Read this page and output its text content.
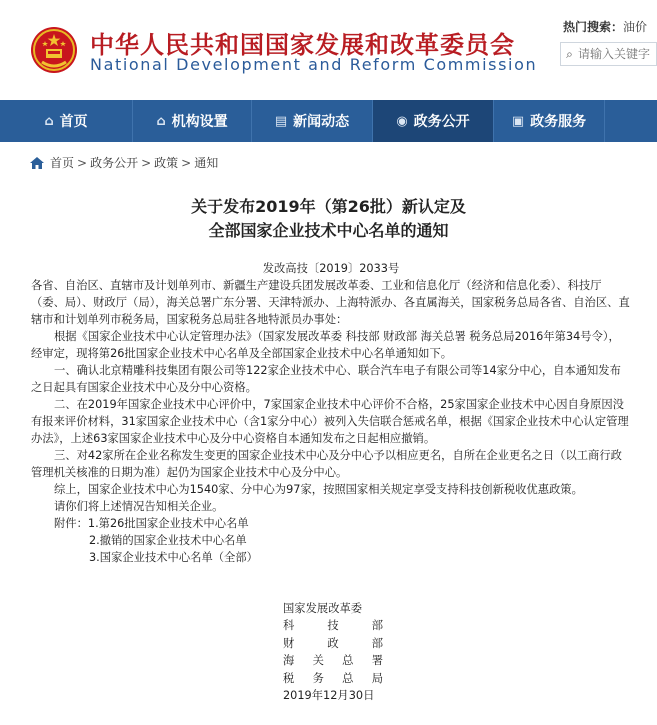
中华人民共和国国家发展和改革委员会
National Development and Reform Commission
热门搜索：油价
⌕
请输入关键字
⌂ 首页	⌂ 机构设置	▤ 新闻动态	◉ 政务公开	▣ 政务服务
首页 > 政务公开 > 政策 > 通知
关于发布2019年（第26批）新认定及
全部国家企业技术中心名单的通知

发改高技〔2019〕2033号

各省、自治区、直辖市及计划单列市、新疆生产建设兵团发展改革委、工业和信息化厅（经济和信息化委）、科技厅（委、局）、财政厅（局），海关总署广东分署、天津特派办、上海特派办、各直属海关，国家税务总局各省、自治区、直辖市和计划单列市税务局，国家税务总局驻各地特派员办事处：

根据《国家企业技术中心认定管理办法》（国家发展改革委 科技部 财政部 海关总署 税务总局2016年第34号令），经审定，现将第26批国家企业技术中心名单及全部国家企业技术中心名单通知如下。

一、确认北京精雕科技集团有限公司等122家企业技术中心、联合汽车电子有限公司等14家分中心，自本通知发布之日起具有国家企业技术中心及分中心资格。

二、在2019年国家企业技术中心评价中，7家国家企业技术中心评价不合格，25家国家企业技术中心因自身原因没有报来评价材料，31家国家企业技术中心（含1家分中心）被列入失信联合惩戒名单，根据《国家企业技术中心认定管理办法》，上述63家国家企业技术中心及分中心资格自本通知发布之日起相应撤销。

三、对42家所在企业名称发生变更的国家企业技术中心及分中心予以相应更名，自所在企业更名之日（以工商行政管理机关核准的日期为准）起仍为国家企业技术中心及分中心。

综上，国家企业技术中心为1540家、分中心为97家，按照国家相关规定享受支持科技创新税收优惠政策。

请你们将上述情况告知相关企业。

附件：1.第26批国家企业技术中心名单

2.撤销的国家企业技术中心名单

3.国家企业技术中心名单（全部）

国家发展改革委
科	技	部
财	政	部
海 关 总 署
税 务 总 局
2019年12月30日
